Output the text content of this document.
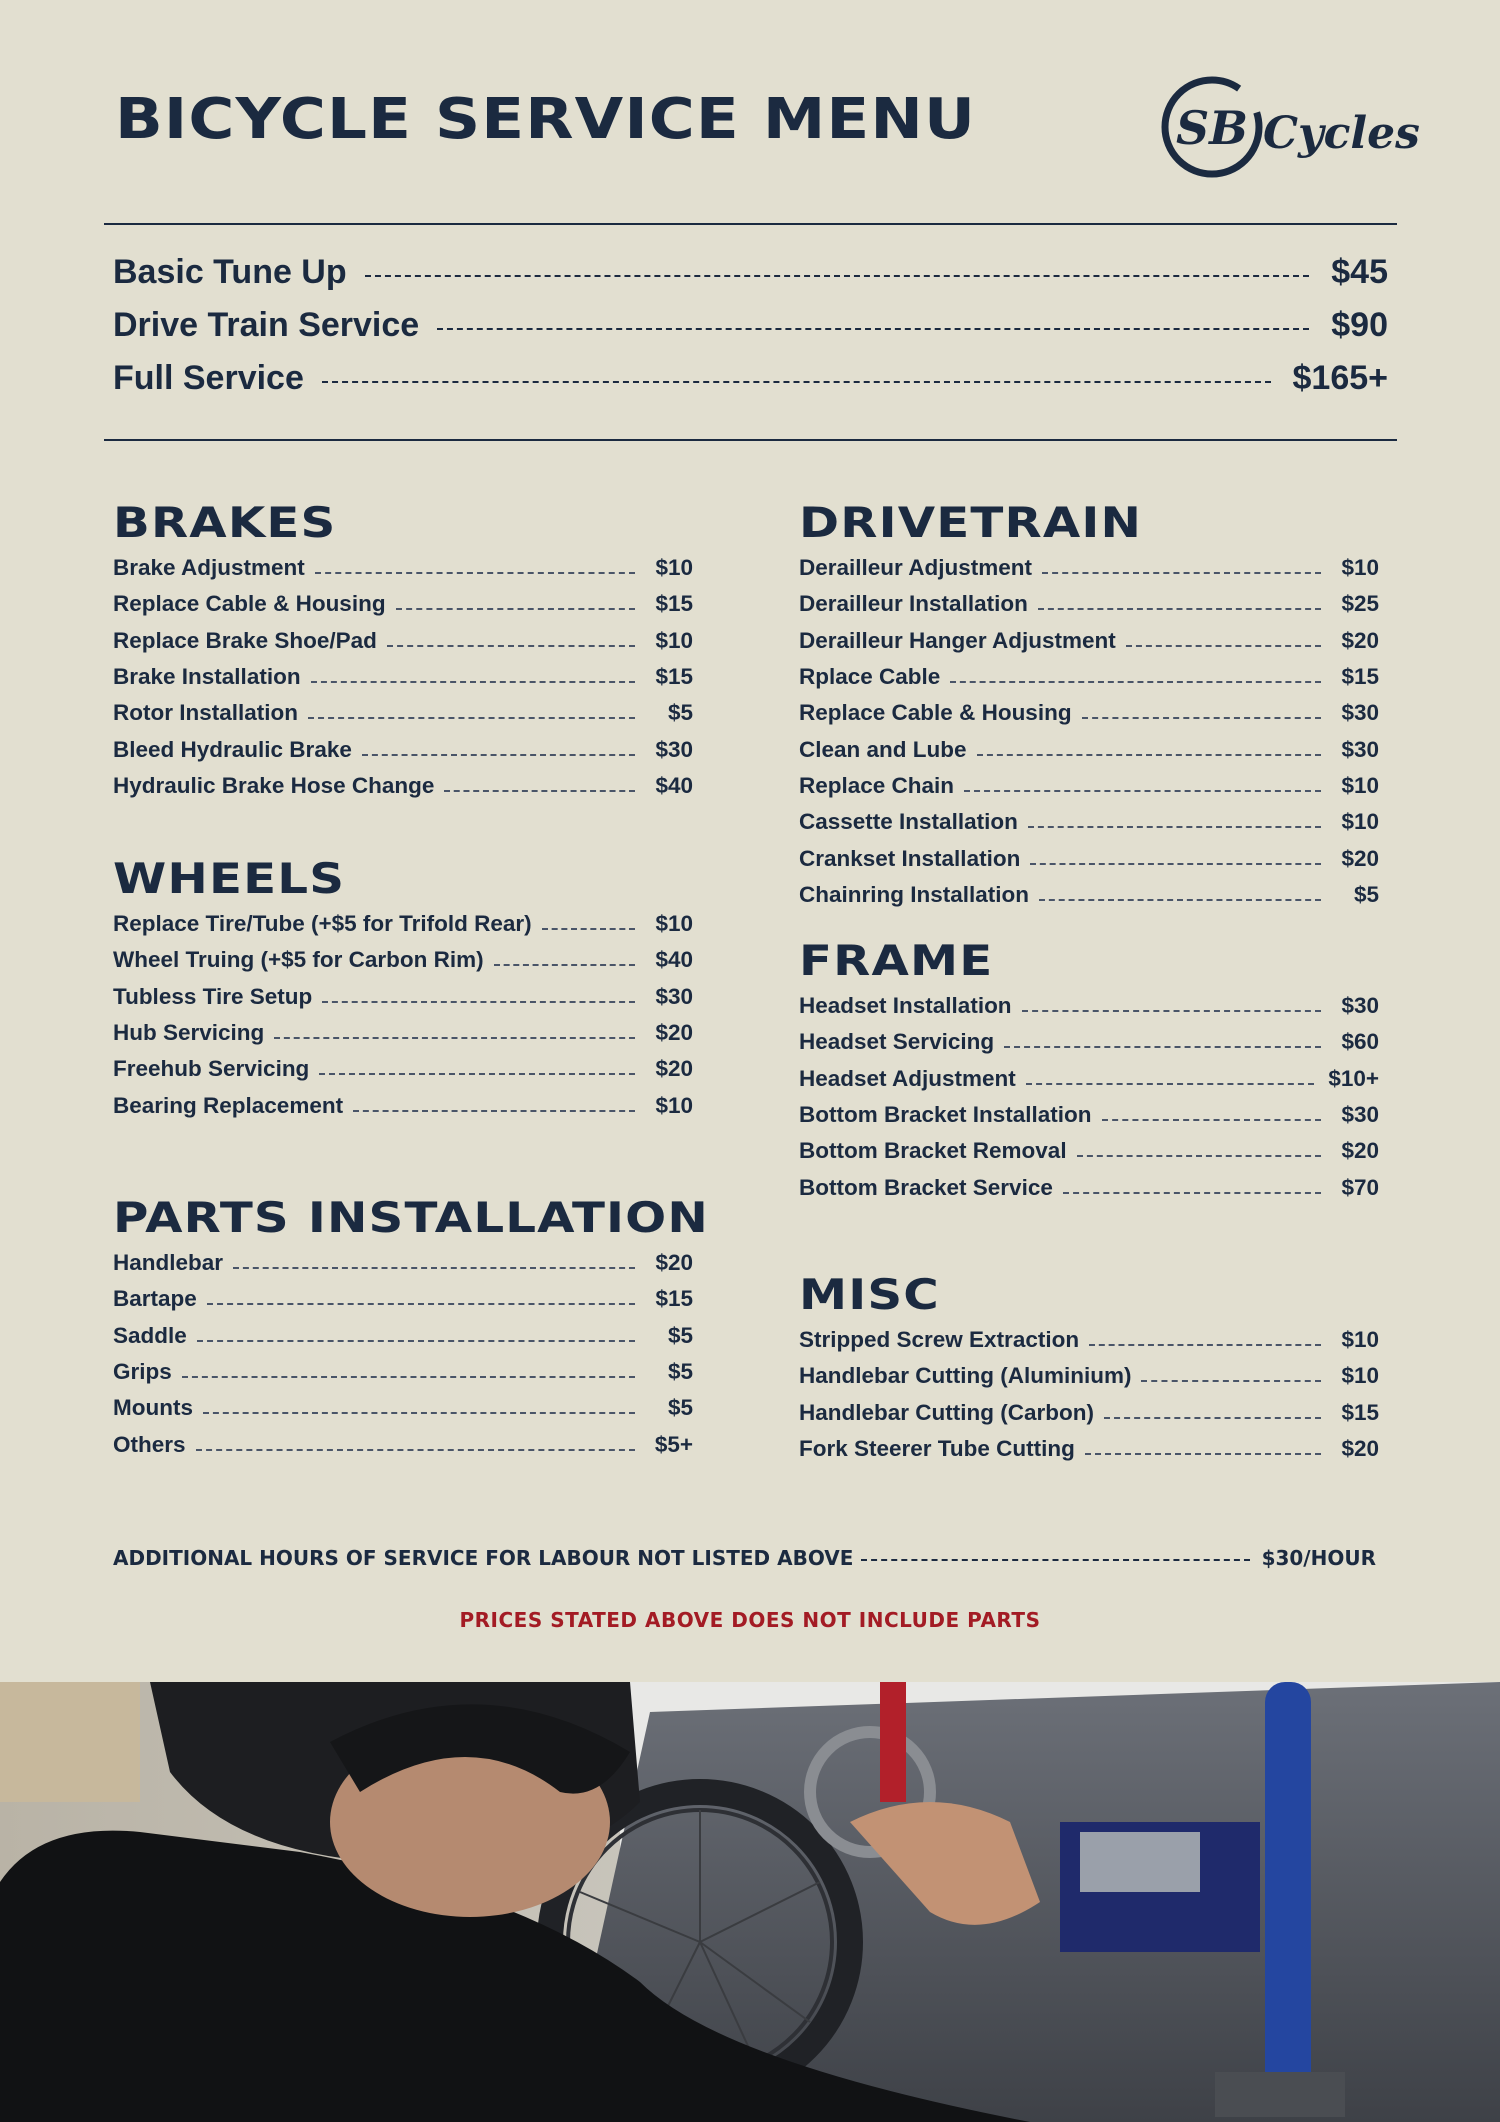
BICYCLE SERVICE MENU	SB Cycles
Basic Tune Up	$45
Drive Train Service	$90
Full Service	$165+
BRAKES
Brake Adjustment	$10
Replace Cable & Housing	$15
Replace Brake Shoe/Pad	$10
Brake Installation	$15
Rotor Installation	$5
Bleed Hydraulic Brake	$30
Hydraulic Brake Hose Change	$40
WHEELS
Replace Tire/Tube (+$5 for Trifold Rear)	$10
Wheel Truing (+$5 for Carbon Rim)	$40
Tubless Tire Setup	$30
Hub Servicing	$20
Freehub Servicing	$20
Bearing Replacement	$10
PARTS INSTALLATION
Handlebar	$20
Bartape	$15
Saddle	$5
Grips	$5
Mounts	$5
Others	$5+
DRIVETRAIN
Derailleur Adjustment	$10
Derailleur Installation	$25
Derailleur Hanger Adjustment	$20
Rplace Cable	$15
Replace Cable & Housing	$30
Clean and Lube	$30
Replace Chain	$10
Cassette Installation	$10
Crankset Installation	$20
Chainring Installation	$5
FRAME
Headset Installation	$30
Headset Servicing	$60
Headset Adjustment	$10+
Bottom Bracket Installation	$30
Bottom Bracket Removal	$20
Bottom Bracket Service	$70
MISC
Stripped Screw Extraction	$10
Handlebar Cutting (Aluminium)	$10
Handlebar Cutting (Carbon)	$15
Fork Steerer Tube Cutting	$20
ADDITIONAL HOURS OF SERVICE FOR LABOUR NOT LISTED ABOVE	$30/HOUR
PRICES STATED ABOVE DOES NOT INCLUDE PARTS
